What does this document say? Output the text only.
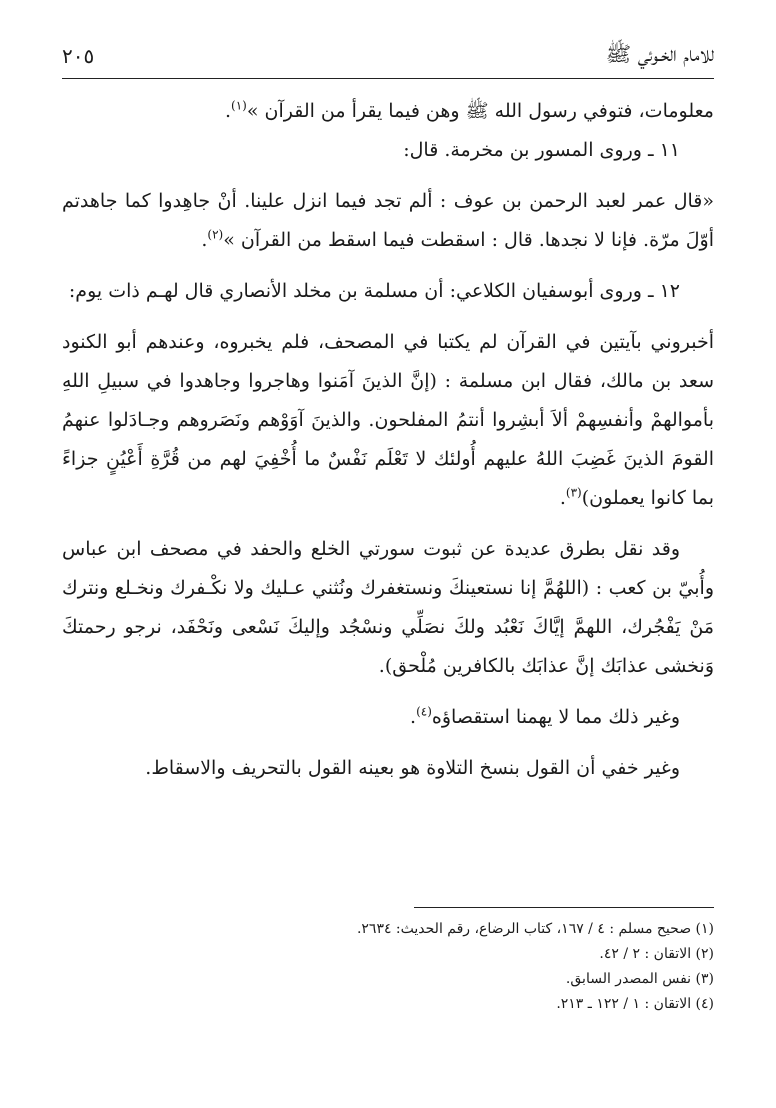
للامام الخـوئي ﷺ
٢٠٥

معلومات، فتوفي رسول الله ﷺ وهن فيما يقرأ من القرآن »$^{(١)}$.

١١ ـ وروى المسور بن مخرمة. قال:

«قال عمر لعبد الرحمن بن عوف : ألم تجد فيما انزل علينا. أنْ جاهِدوا كما جاهدتم أوّلَ مرّة. فإنا لا نجدها. قال : اسقطت فيما اسقط من القرآن »$^{(٢)}$.

١٢ ـ وروى أبوسفيان الكلاعي: أن مسلمة بن مخلد الأنصاري قال لهـم ذات يوم:

أخبروني بآيتين في القرآن لم يكتبا في المصحف، فلم يخبروه، وعندهم أبو الكنود سعد بن مالك، فقال ابن مسلمة : (إنَّ الذينَ آمَنوا وهاجروا وجاهدوا في سبيلِ اللهِ بأموالهمْ وأنفسِهمْ ألاَ أبشِروا أنتمُ المفلحون. والذينَ آوَوْهم ونَصَروهم وجـادَلوا عنهمُ القومَ الذينَ غَضِبَ اللهُ عليهم أُولئك لا تَعْلَم نَفْسٌ ما أُخْفِيَ لهم من قُرَّةِ أَعْيُنٍ جزاءً بما كانوا يعملون)$^{(٣)}$.

وقد نقل بطرق عديدة عن ثبوت سورتي الخلع والحفد في مصحف ابن عباس وأُبيّ بن كعب : (اللهُمَّ إنا نستعينكَ ونستغفرك ونُثني عـليك ولا نكْـفرك ونخـلع ونترك مَنْ يَفْجُرك، اللهمَّ إيَّاكَ نَعْبُد ولكَ نصَلِّي ونسْجُد وإليكَ نَسْعى ونَحْفَد، نرجو رحمتكَ وَنخشى عذابَك إنَّ عذابَك بالكافرين مُلْحق).

وغير ذلك مما لا يهمنا استقصاؤه$^{(٤)}$.

وغير خفي أن القول بنسخ التلاوة هو بعينه القول بالتحريف والاسقاط.

(١) صحيح مسلم : ٤ / ١٦٧، كتاب الرضاع، رقم الحديث: ٢٦٣٤.
(٢) الاتقان : ٢ / ٤٢.
(٣) نفس المصدر السابق.
(٤) الاتقان : ١ / ١٢٢ ـ ٢١٣.
